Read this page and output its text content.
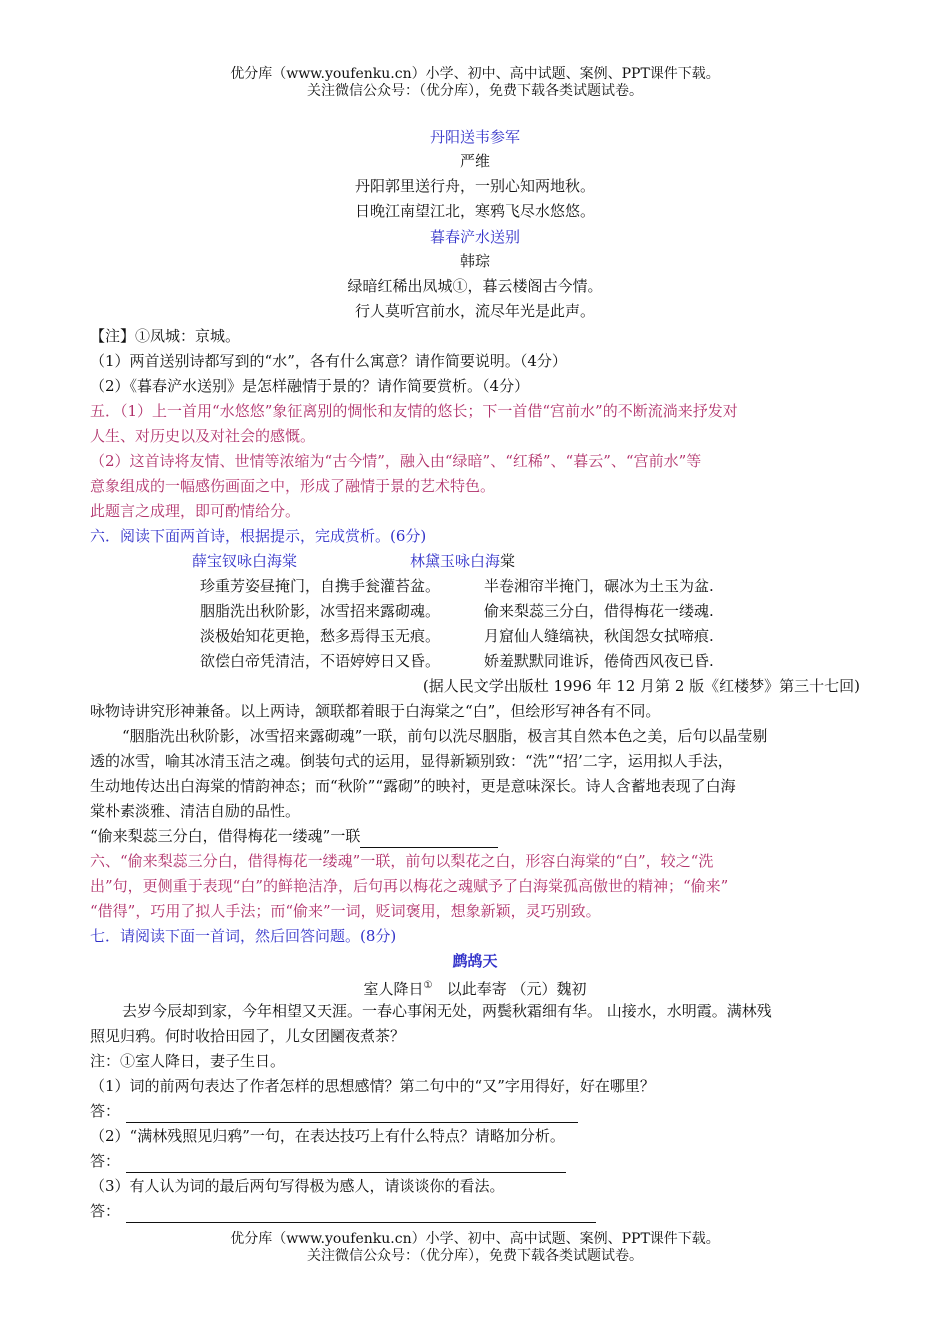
优分库（www.youfenku.cn）小学、初中、高中试题、案例、PPT课件下载。
关注微信公众号：（优分库），免费下载各类试题试卷。
丹阳送韦参军
严维
丹阳郭里送行舟，一别心知两地秋。
日晚江南望江北，寒鸦飞尽水悠悠。
暮春浐水送别
韩琮
绿暗红稀出凤城①，暮云楼阁古今情。
行人莫听宫前水，流尽年光是此声。
【注】①凤城：京城。
（1）两首送别诗都写到的“水”，各有什么寓意？请作简要说明。（4分）
（2）《暮春浐水送别》是怎样融情于景的？请作简要赏析。（4分）
五．（1）上一首用“水悠悠”象征离别的惆怅和友情的悠长；下一首借“宫前水”的不断流淌来抒发对
人生、对历史以及对社会的感慨。
（2）这首诗将友情、世情等浓缩为“古今情”，融入由“绿暗”、“红稀”、“暮云”、“宫前水”等
意象组成的一幅感伤画面之中，形成了融情于景的艺术特色。
此题言之成理，即可酌情给分。
六．阅读下面两首诗，根据提示，完成赏析。(6分)
薛宝钗咏白海棠	林黛玉咏白海棠
珍重芳姿昼掩门，自携手瓮灌苔盆。	半卷湘帘半掩门，碾冰为土玉为盆.
胭脂洗出秋阶影，冰雪招来露砌魂。	偷来梨蕊三分白，借得梅花一缕魂.
淡极始知花更艳，愁多焉得玉无痕。	月窟仙人缝缟袂，秋闺怨女拭啼痕.
欲偿白帝凭清洁，不语婷婷日又昏。	娇羞默默同谁诉，倦倚西风夜已昏.
(据人民文学出版杜 1996 年 12 月第 2 版《红楼梦》第三十七回)
咏物诗讲究形神兼备。以上两诗，颔联都着眼于白海棠之“白”，但绘形写神各有不同。
“胭脂洗出秋阶影，冰雪招来露砌魂”一联，前句以洗尽胭脂，极言其自然本色之美，后句以晶莹剔
透的冰雪，喻其冰清玉洁之魂。倒装句式的运用，显得新颖别致：“洗”“招’二字，运用拟人手法，
生动地传达出白海棠的情韵神态；而“秋阶”“露砌”的映衬，更是意味深长。诗人含蓄地表现了白海
棠朴素淡雅、清洁自励的品性。
“偷来梨蕊三分白，借得梅花一缕魂”一联
六、“偷来梨蕊三分白，借得梅花一缕魂”一联，前句以梨花之白，形容白海棠的“白”，较之“洗
出”句，更侧重于表现“白”的鲜艳洁净，后句再以梅花之魂赋予了白海棠孤高傲世的精神；“偷来”
“借得”，巧用了拟人手法；而“偷来”一词，贬词褒用，想象新颖，灵巧别致。
七．请阅读下面一首词，然后回答问题。(8分)
鹧鸪天
室人降日① 以此奉寄 （元）魏初
去岁今辰却到家，今年相望又天涯。一春心事闲无处，两鬓秋霜细有华。 山接水，水明霞。满林残
照见归鸦。何时收拾田园了，儿女团圞夜煮茶？
注：①室人降日，妻子生日。
（1）词的前两句表达了作者怎样的思想感情？第二句中的“又”字用得好，好在哪里？
答：
（2）“满林残照见归鸦”一句，在表达技巧上有什么特点？请略加分析。
答：
（3）有人认为词的最后两句写得极为感人，请谈谈你的看法。
答：
优分库（www.youfenku.cn）小学、初中、高中试题、案例、PPT课件下载。
关注微信公众号：（优分库），免费下载各类试题试卷。
